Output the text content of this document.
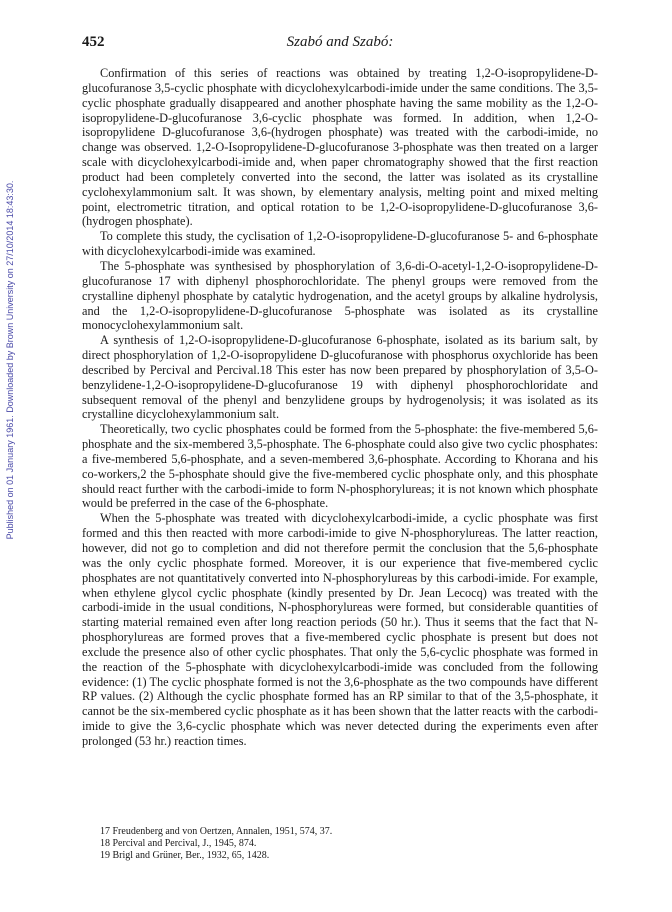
Published on 01 January 1961. Downloaded by Brown University on 27/10/2014 18:43:30.
452	Szabó and Szabó:

Confirmation of this series of reactions was obtained by treating 1,2-O-isopropylidene-D-glucofuranose 3,5-cyclic phosphate with dicyclohexylcarbodi-imide under the same conditions. The 3,5-cyclic phosphate gradually disappeared and another phosphate having the same mobility as the 1,2-O-isopropylidene-D-glucofuranose 3,6-cyclic phosphate was formed. In addition, when 1,2-O-isopropylidene D-glucofuranose 3,6-(hydrogen phosphate) was treated with the carbodi-imide, no change was observed. 1,2-O-Isopropylidene-D-glucofuranose 3-phosphate was then treated on a larger scale with dicyclohexylcarbodi-imide and, when paper chromatography showed that the first reaction product had been completely converted into the second, the latter was isolated as its crystalline cyclohexylammonium salt. It was shown, by elementary analysis, melting point and mixed melting point, electrometric titration, and optical rotation to be 1,2-O-isopropylidene-D-glucofuranose 3,6-(hydrogen phosphate).

To complete this study, the cyclisation of 1,2-O-isopropylidene-D-glucofuranose 5- and 6-phosphate with dicyclohexylcarbodi-imide was examined.

The 5-phosphate was synthesised by phosphorylation of 3,6-di-O-acetyl-1,2-O-isopropylidene-D-glucofuranose 17 with diphenyl phosphorochloridate. The phenyl groups were removed from the crystalline diphenyl phosphate by catalytic hydrogenation, and the acetyl groups by alkaline hydrolysis, and the 1,2-O-isopropylidene-D-glucofuranose 5-phosphate was isolated as its crystalline monocyclohexylammonium salt.

A synthesis of 1,2-O-isopropylidene-D-glucofuranose 6-phosphate, isolated as its barium salt, by direct phosphorylation of 1,2-O-isopropylidene D-glucofuranose with phosphorus oxychloride has been described by Percival and Percival.18 This ester has now been prepared by phosphorylation of 3,5-O-benzylidene-1,2-O-isopropylidene-D-glucofuranose 19 with diphenyl phosphorochloridate and subsequent removal of the phenyl and benzylidene groups by hydrogenolysis; it was isolated as its crystalline dicyclohexylammonium salt.

Theoretically, two cyclic phosphates could be formed from the 5-phosphate: the five-membered 5,6-phosphate and the six-membered 3,5-phosphate. The 6-phosphate could also give two cyclic phosphates: a five-membered 5,6-phosphate, and a seven-membered 3,6-phosphate. According to Khorana and his co-workers,2 the 5-phosphate should give the five-membered cyclic phosphate only, and this phosphate should react further with the carbodi-imide to form N-phosphorylureas; it is not known which phosphate would be preferred in the case of the 6-phosphate.

When the 5-phosphate was treated with dicyclohexylcarbodi-imide, a cyclic phosphate was first formed and this then reacted with more carbodi-imide to give N-phosphorylureas. The latter reaction, however, did not go to completion and did not therefore permit the conclusion that the 5,6-phosphate was the only cyclic phosphate formed. Moreover, it is our experience that five-membered cyclic phosphates are not quantitatively converted into N-phosphorylureas by this carbodi-imide. For example, when ethylene glycol cyclic phosphate (kindly presented by Dr. Jean Lecocq) was treated with the carbodi-imide in the usual conditions, N-phosphorylureas were formed, but considerable quantities of starting material remained even after long reaction periods (50 hr.). Thus it seems that the fact that N-phosphorylureas are formed proves that a five-membered cyclic phosphate is present but does not exclude the presence also of other cyclic phosphates. That only the 5,6-cyclic phosphate was formed in the reaction of the 5-phosphate with dicyclohexylcarbodi-imide was concluded from the following evidence: (1) The cyclic phosphate formed is not the 3,6-phosphate as the two compounds have different RP values. (2) Although the cyclic phosphate formed has an RP similar to that of the 3,5-phosphate, it cannot be the six-membered cyclic phosphate as it has been shown that the latter reacts with the carbodi-imide to give the 3,6-cyclic phosphate which was never detected during the experiments even after prolonged (53 hr.) reaction times.

17 Freudenberg and von Oertzen, Annalen, 1951, 574, 37.
18 Percival and Percival, J., 1945, 874.
19 Brigl and Grüner, Ber., 1932, 65, 1428.
